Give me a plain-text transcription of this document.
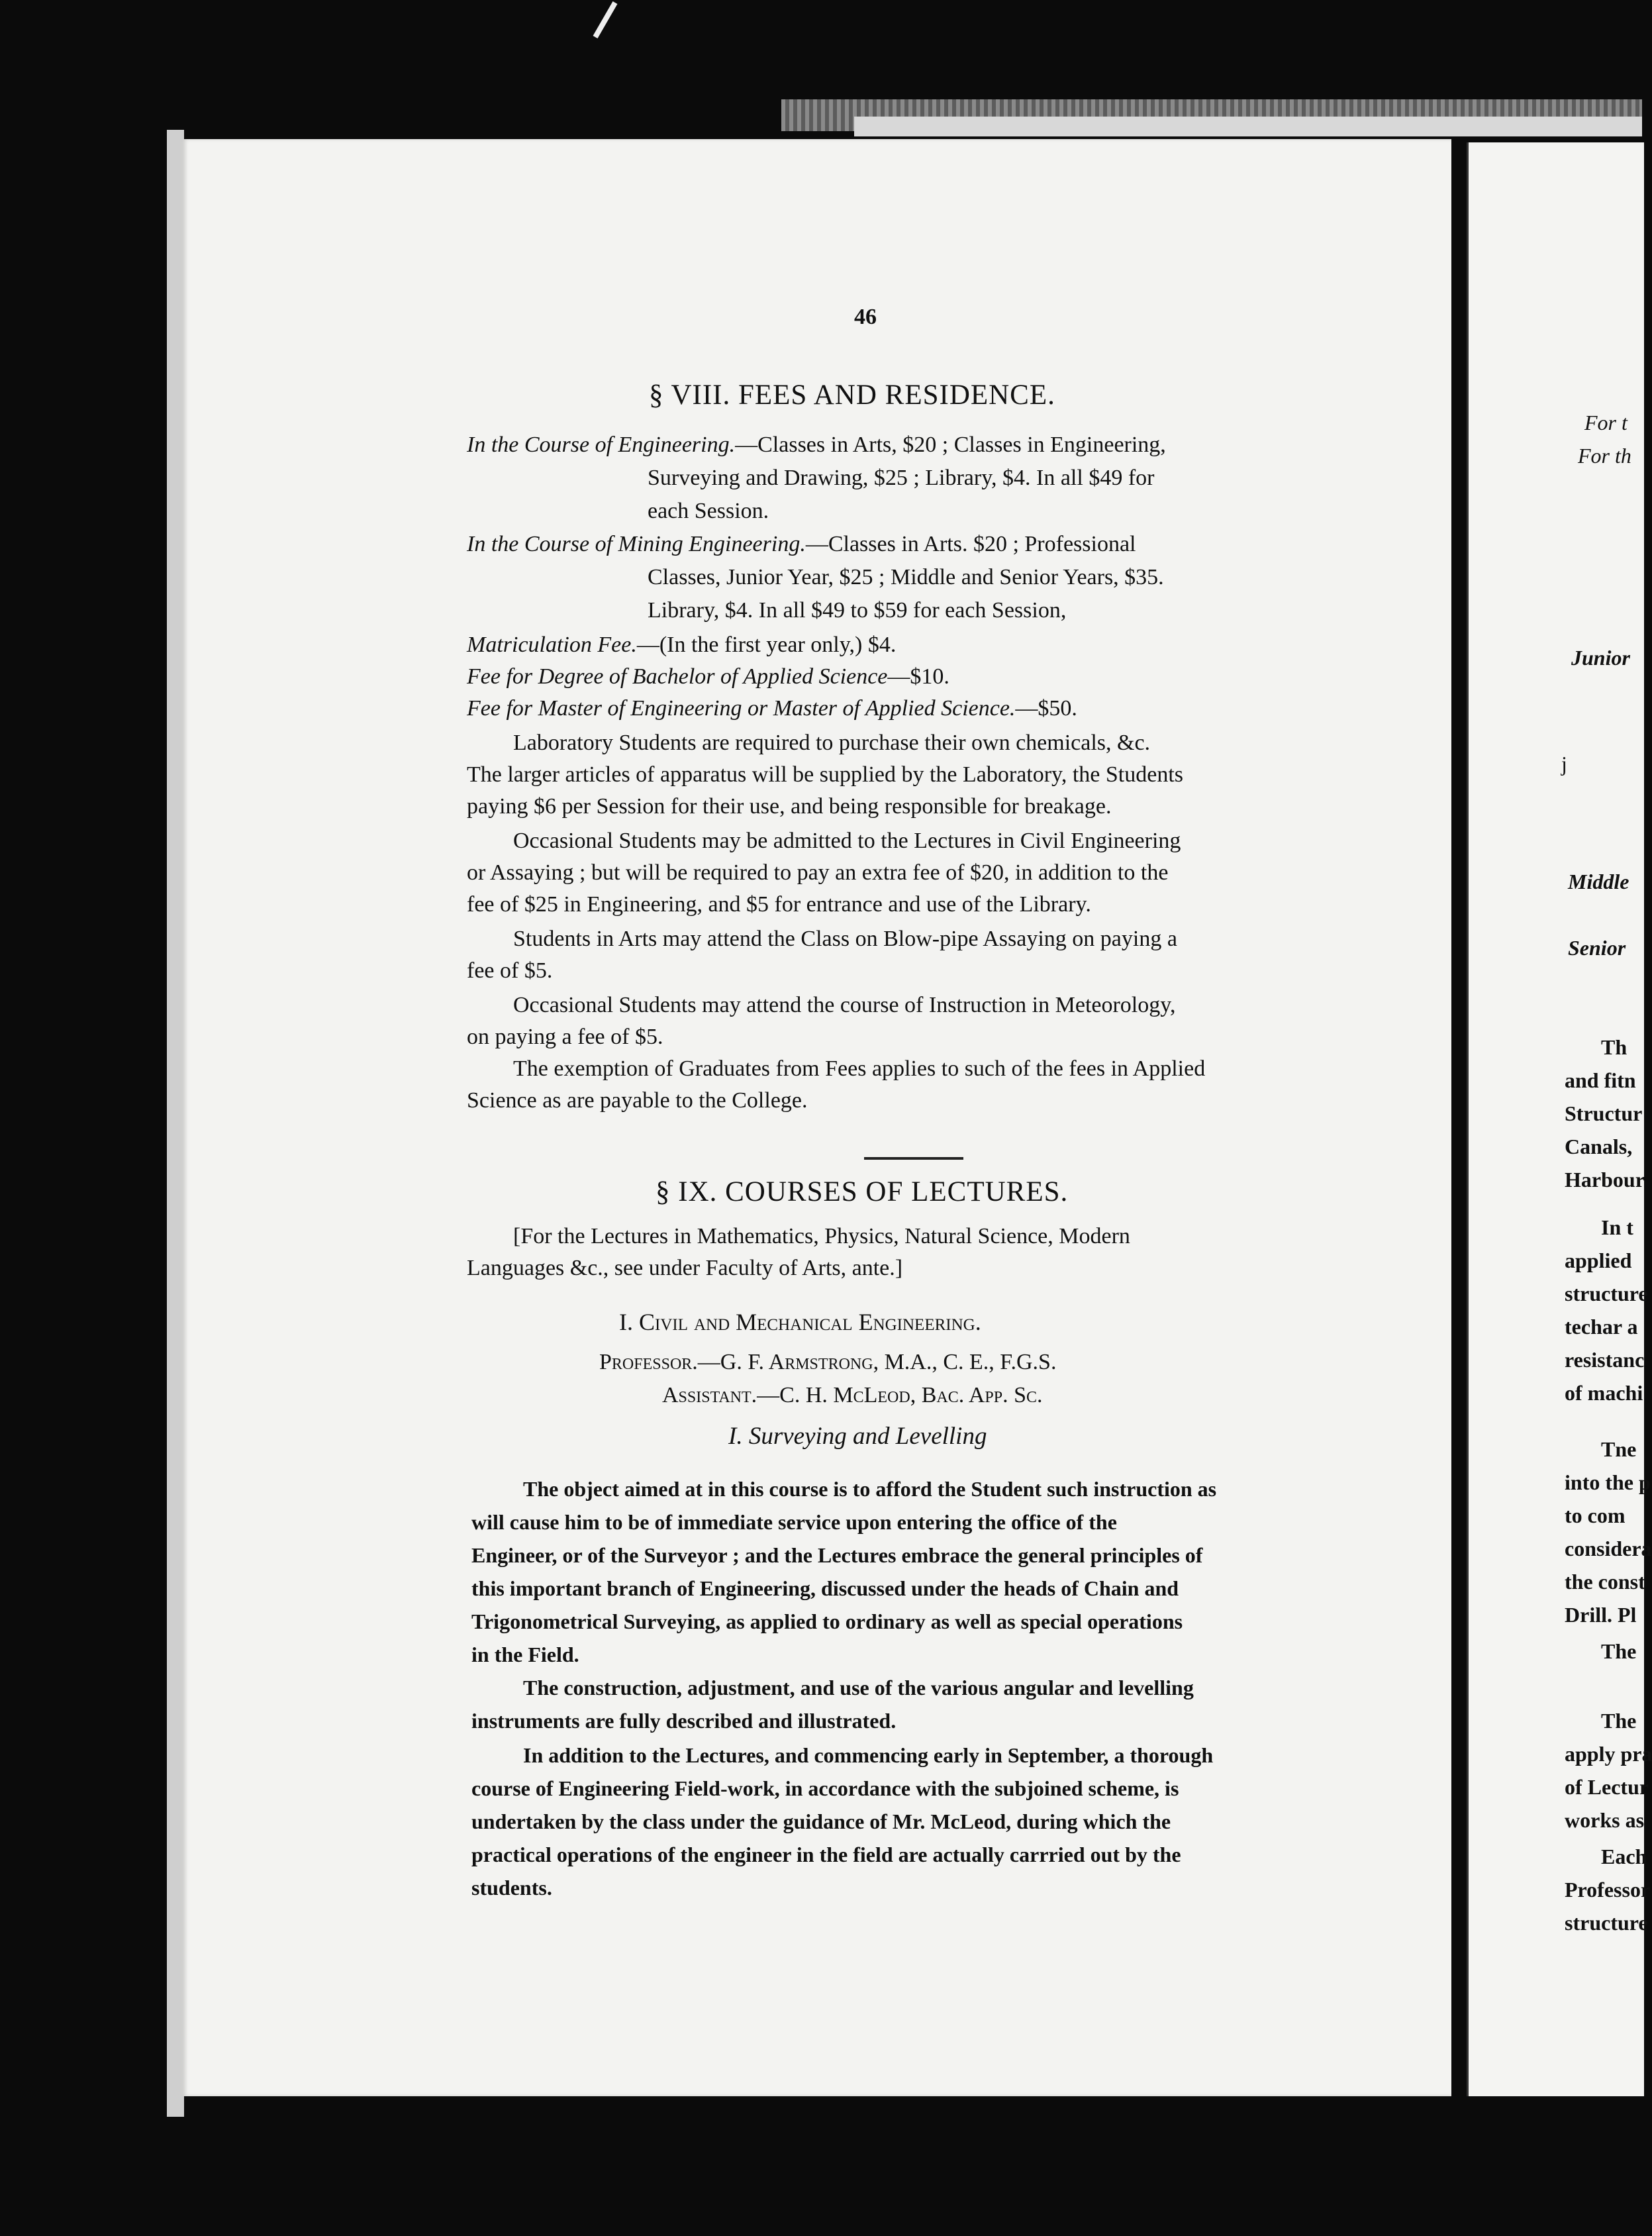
46
§ VIII. FEES AND RESIDENCE.
In the Course of Engineering.—Classes in Arts, $20 ; Classes in Engineering,
Surveying and Drawing, $25 ; Library, $4. In all $49 for
each Session.
In the Course of Mining Engineering.—Classes in Arts. $20 ; Professional
Classes, Junior Year, $25 ; Middle and Senior Years, $35.
Library, $4. In all $49 to $59 for each Session,
Matriculation Fee.—(In the first year only,) $4.
Fee for Degree of Bachelor of Applied Science—$10.
Fee for Master of Engineering or Master of Applied Science.—$50.
Laboratory Students are required to purchase their own chemicals, &c.
The larger articles of apparatus will be supplied by the Laboratory, the Students
paying $6 per Session for their use, and being responsible for breakage.
Occasional Students may be admitted to the Lectures in Civil Engineering
or Assaying ; but will be required to pay an extra fee of $20, in addition to the
fee of $25 in Engineering, and $5 for entrance and use of the Library.
Students in Arts may attend the Class on Blow-pipe Assaying on paying a
fee of $5.
Occasional Students may attend the course of Instruction in Meteorology,
on paying a fee of $5.
The exemption of Graduates from Fees applies to such of the fees in Applied
Science as are payable to the College.
§ IX. COURSES OF LECTURES.
[For the Lectures in Mathematics, Physics, Natural Science, Modern
Languages &c., see under Faculty of Arts, ante.]
I. Civil and Mechanical Engineering.
Professor.—G. F. Armstrong, M.A., C. E., F.G.S.
Assistant.—C. H. McLeod, Bac. App. Sc.
I. Surveying and Levelling
The object aimed at in this course is to afford the Student such instruction as
will cause him to be of immediate service upon entering the office of the
Engineer, or of the Surveyor ; and the Lectures embrace the general principles of
this important branch of Engineering, discussed under the heads of Chain and
Trigonometrical Surveying, as applied to ordinary as well as special operations
in the Field.
The construction, adjustment, and use of the various angular and levelling
instruments are fully described and illustrated.
In addition to the Lectures, and commencing early in September, a thorough
course of Engineering Field-work, in accordance with the subjoined scheme, is
undertaken by the class under the guidance of Mr. McLeod, during which the
practical operations of the engineer in the field are actually carrried out by the
students.
For t
For th
Junior
j
Middle
Senior
Th
and fitn
Structur
Canals,
Harbour
In t
applied
structure
techar a
resistanc
of machi
Tne
into the p
to com
considera
the const
Drill. Pl
The
The
apply pra
of Lectur
works as
Each
Professor
structure
